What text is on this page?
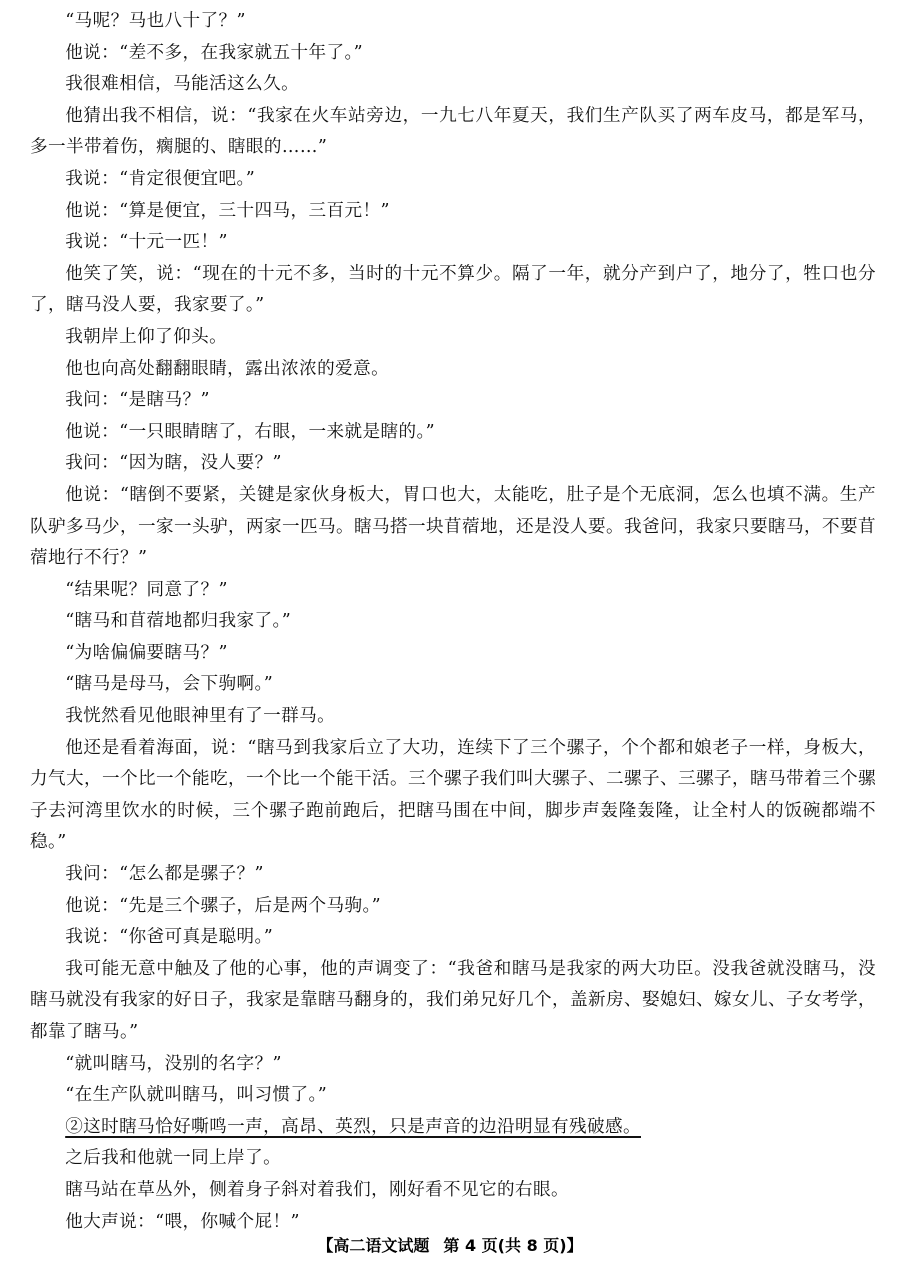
“马呢？马也八十了？”

他说：“差不多，在我家就五十年了。”

我很难相信，马能活这么久。

他猜出我不相信，说：“我家在火车站旁边，一九七八年夏天，我们生产队买了两车皮马，都是军马，多一半带着伤，瘸腿的、瞎眼的……”

我说：“肯定很便宜吧。”

他说：“算是便宜，三十四马，三百元！”

我说：“十元一匹！”

他笑了笑，说：“现在的十元不多，当时的十元不算少。隔了一年，就分产到户了，地分了，牲口也分了，瞎马没人要，我家要了。”

我朝岸上仰了仰头。

他也向高处翻翻眼睛，露出浓浓的爱意。

我问：“是瞎马？”

他说：“一只眼睛瞎了，右眼，一来就是瞎的。”

我问：“因为瞎，没人要？”

他说：“瞎倒不要紧，关键是家伙身板大，胃口也大，太能吃，肚子是个无底洞，怎么也填不满。生产队驴多马少，一家一头驴，两家一匹马。瞎马搭一块苜蓿地，还是没人要。我爸问，我家只要瞎马，不要苜蓿地行不行？”

“结果呢？同意了？”

“瞎马和苜蓿地都归我家了。”

“为啥偏偏要瞎马？”

“瞎马是母马，会下驹啊。”

我恍然看见他眼神里有了一群马。

他还是看着海面，说：“瞎马到我家后立了大功，连续下了三个骡子，个个都和娘老子一样，身板大，力气大，一个比一个能吃，一个比一个能干活。三个骡子我们叫大骡子、二骡子、三骡子，瞎马带着三个骡子去河湾里饮水的时候，三个骡子跑前跑后，把瞎马围在中间，脚步声轰隆轰隆，让全村人的饭碗都端不稳。”

我问：“怎么都是骡子？”

他说：“先是三个骡子，后是两个马驹。”

我说：“你爸可真是聪明。”

我可能无意中触及了他的心事，他的声调变了：“我爸和瞎马是我家的两大功臣。没我爸就没瞎马，没瞎马就没有我家的好日子，我家是靠瞎马翻身的，我们弟兄好几个，盖新房、娶媳妇、嫁女儿、子女考学，都靠了瞎马。”

“就叫瞎马，没别的名字？”

“在生产队就叫瞎马，叫习惯了。”

②这时瞎马恰好嘶鸣一声，高昂、英烈，只是声音的边沿明显有残破感。

之后我和他就一同上岸了。

瞎马站在草丛外，侧着身子斜对着我们，刚好看不见它的右眼。

他大声说：“喂，你喊个屁！”

【高二语文试题 第 4 页(共 8 页)】
